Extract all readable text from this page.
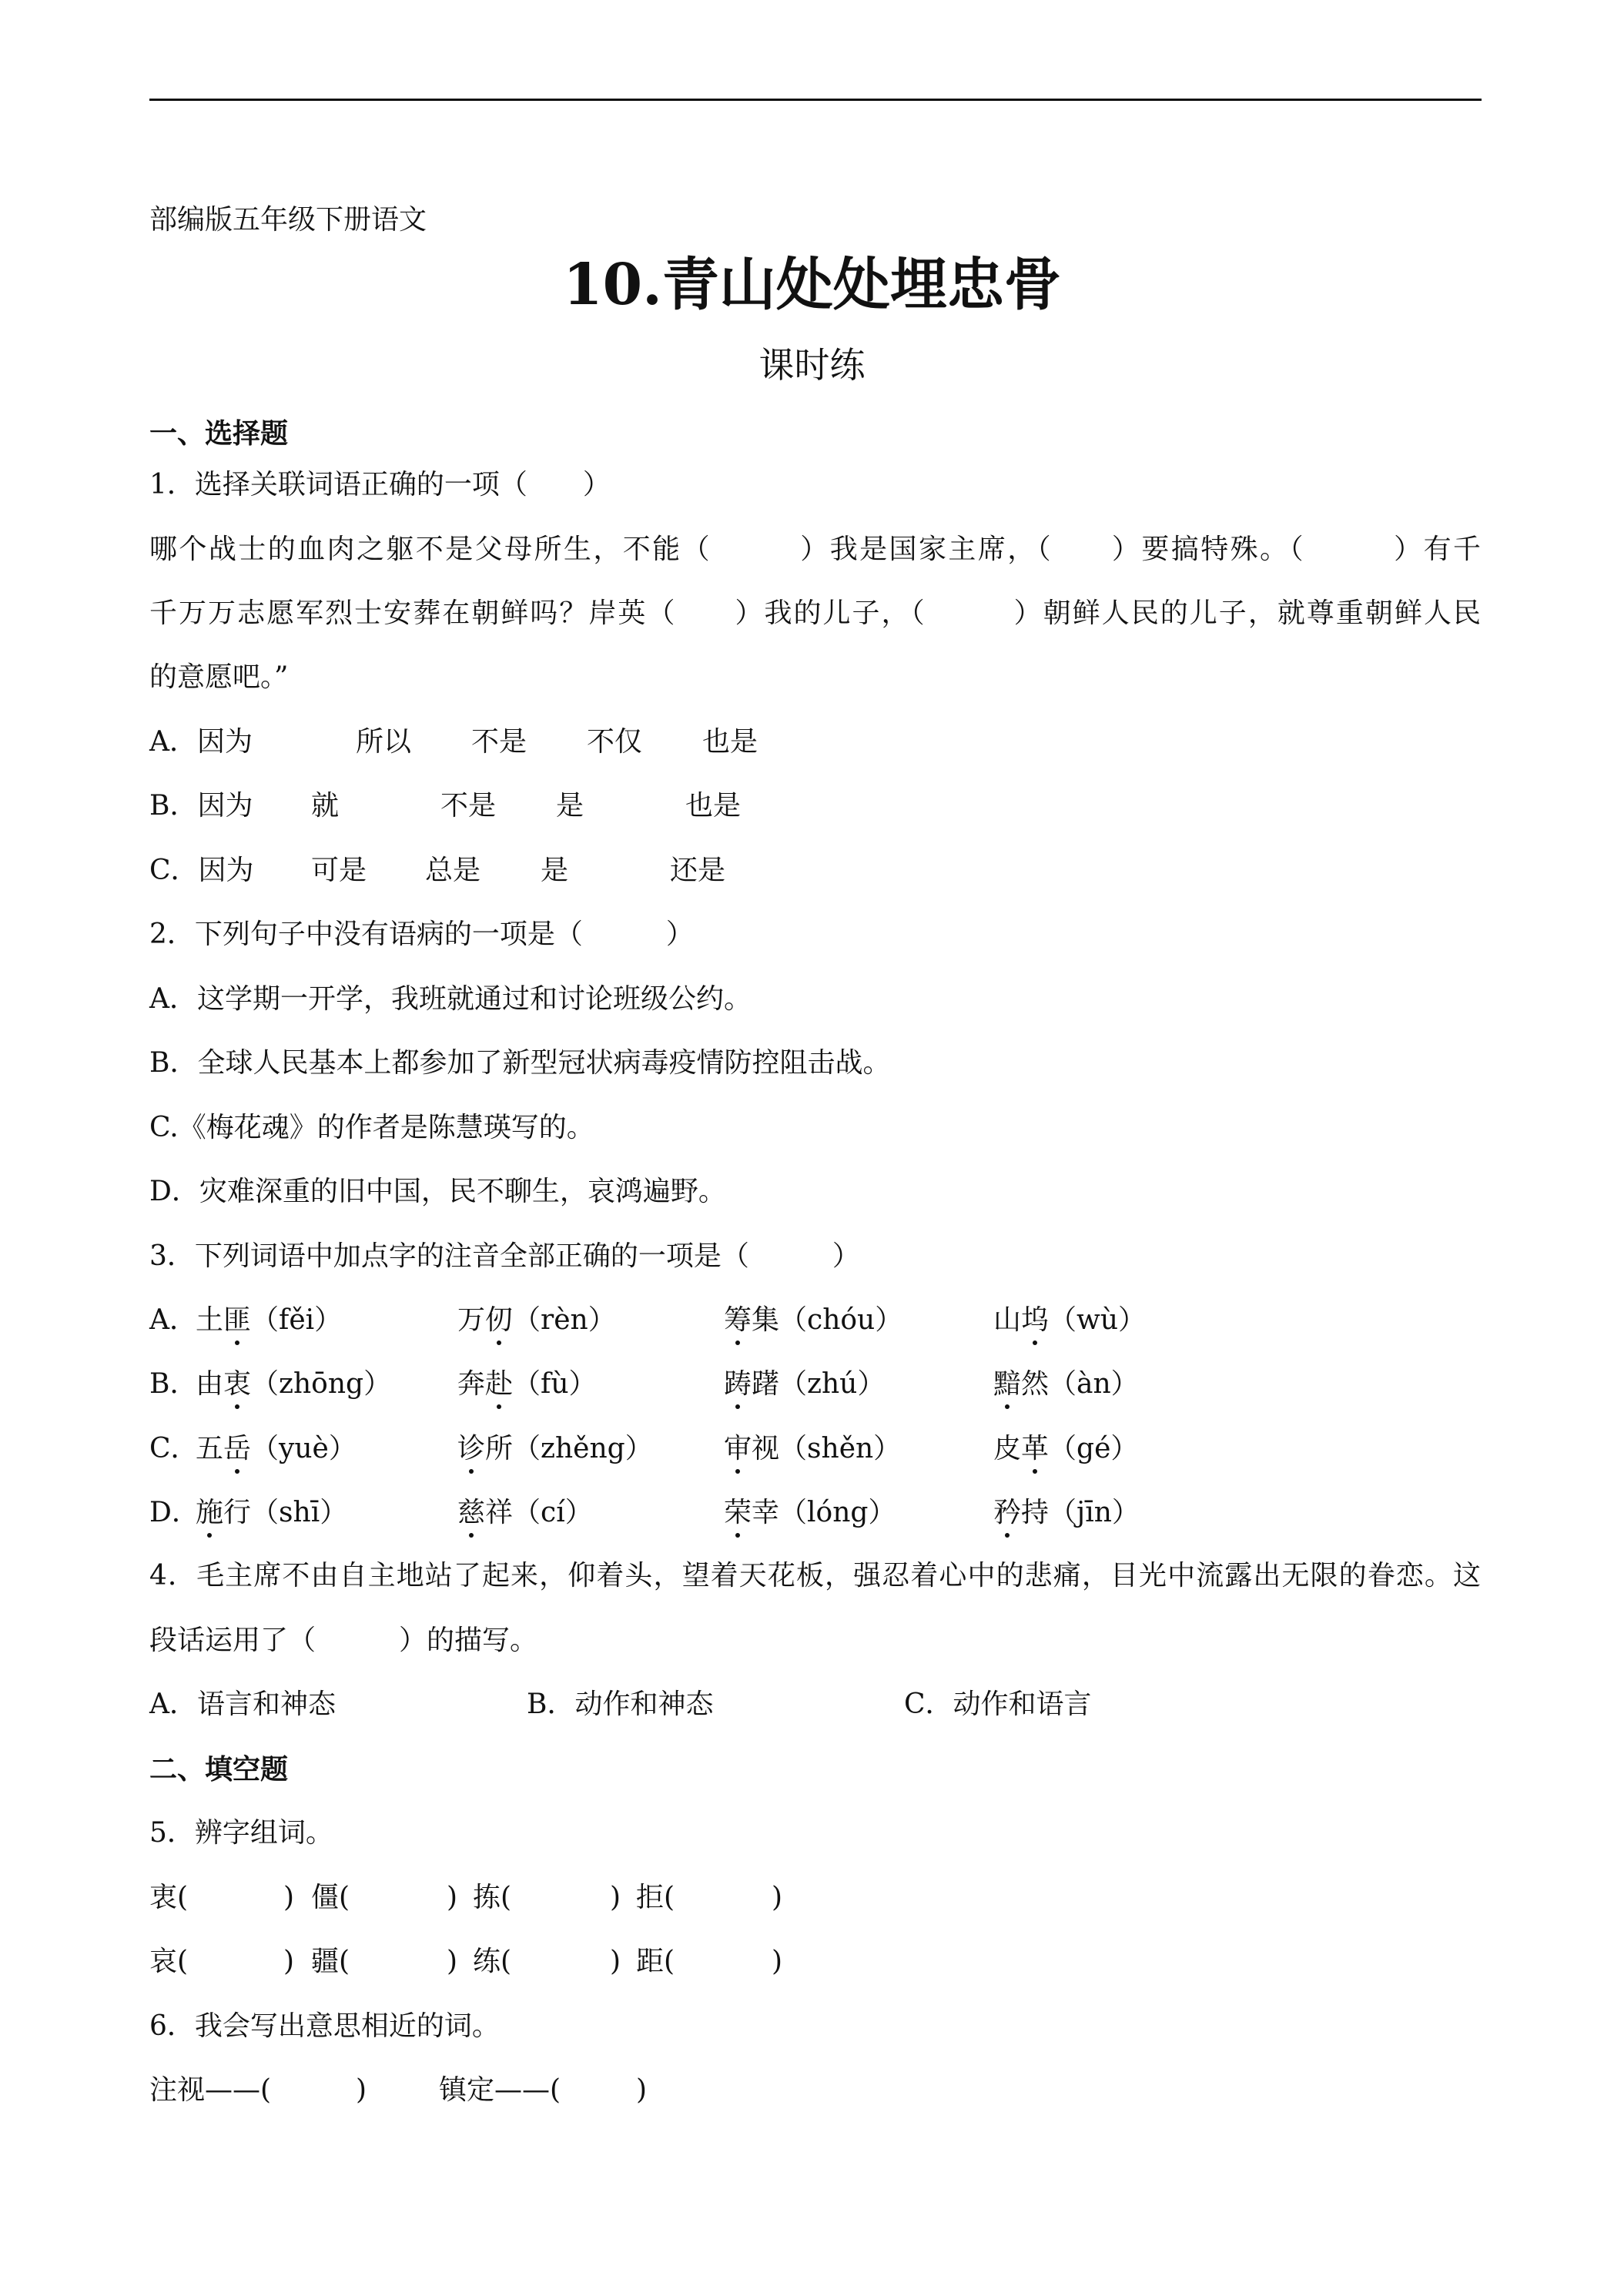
部编版五年级下册语文
10.青山处处埋忠骨
课时练
一、选择题
1．选择关联词语正确的一项（　　）
哪个战士的血肉之躯不是父母所生，不能（　　　）我是国家主席，（　　）要搞特殊。（　　　）有千
千万万志愿军烈士安葬在朝鲜吗？岸英（　　）我的儿子，（　　　）朝鲜人民的儿子，就尊重朝鲜人民
的意愿吧。”
A．因为	所以 不是 不仅 也是
B．因为 就	不是 是	也是
C．因为 可是 总是 是	还是
2．下列句子中没有语病的一项是（　　　）
A．这学期一开学，我班就通过和讨论班级公约。
B．全球人民基本上都参加了新型冠状病毒疫情防控阻击战。
C.《梅花魂》的作者是陈慧瑛写的。
D．灾难深重的旧中国，民不聊生，哀鸿遍野。
3．下列词语中加点字的注音全部正确的一项是（　　　）
A．
土匪（fěi）	万仞（rèn）	筹集（chóu）	山坞（wù）
B．
由衷（zhōng） 奔赴（fù）	踌躇（zhú）	黯然（àn）
C．
五岳（yuè）	诊所（zhěng）	审视（shěn）	皮革（gé）
D．
施行（shī）	慈祥（cí）	荣幸（lóng）	矜持（jīn）
4．毛主席不由自主地站了起来，仰着头，望着天花板，强忍着心中的悲痛，目光中流露出无限的眷恋。这
段话运用了（　　　）的描写。
A．语言和神态	B．动作和神态	C．动作和语言
二、填空题
5．辨字组词。
衷(	) 僵(	) 拣(	) 拒(	)
哀(	) 疆(	) 练(	) 距(	)
6．我会写出意思相近的词。
注视——(	)	镇定——(	)
